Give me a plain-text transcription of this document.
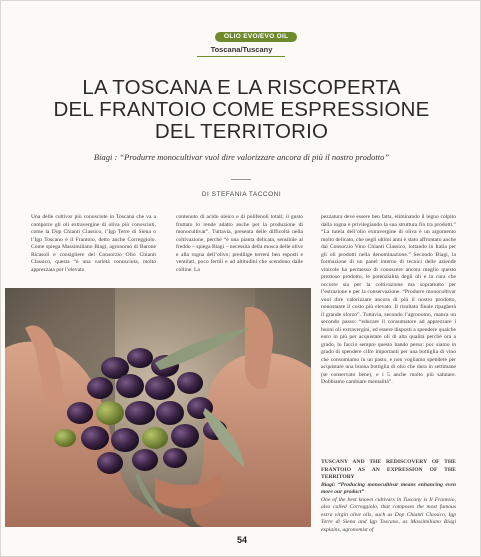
OLIO EVO/EVO OIL
Toscana/Tuscany
LA TOSCANA E LA RISCOPERTA
DEL FRANTOIO COME ESPRESSIONE
DEL TERRITORIO
Biagi : “Produrre monocultivar vuol dire valorizzare ancora di più il nostro prodotto”
DI STEFANIA TACCONI

Una delle cultivar più conosciute in Toscana che va a comporre gli oli extravergine di oliva più conosciuti, come la Dop Chianti Classico, l’Igp Terre di Siena o l’Igp Toscano è il Frantoio, detto anche Correggiolo. Come spiega Massimiliano Biagi, agronomo di Barone Ricasoli e consigliere del Consorzio Olio Chianti Classico, questa “è una varietà conosciuta, molto apprezzata per l’elevato

contenuto di acido oleico e di polifenoli totali; il gusto fruttato lo rende adatto anche per la produzione di monocultivar”. Tuttavia, presenta delle difficoltà nella coltivazione, perché “è una pianta delicata, sensibile al freddo – spiega Biagi – necessita della mosca delle olive e alla rogna dell’olivo; predilige terreni ben esposti e ventilati, poco fertili e ad altitudini che scendono dalle colline. La

pezzatura deve essere ben fatta, eliminando il legno colpito dalla rogna e privilegiando la sua struttura fin tra prodotti.” “La tutela dell’olio extravergine di oliva è un argomento molto delicato, che negli ultimi anni è stato affrontato anche dal Consorzio Vino Chianti Classico, lottando in Italia per gli oli prodotti nella denominazione.” Secondo Biagi, la formazione di un panel interno di tecnici delle aziende vinicole ha permesso di conoscere ancora meglio questo prezioso prodotto, le potenzialità degli oli e la cura che occorre sia per la coltivazione ma soprattutto per l’estrazione e per la conservazione. “Produrre monocultivar vuol dire valorizzare ancora di più il nostro prodotto, nonostante il costo più elevato. Il risultato finale ripagherà il grande sforzo”. Tuttavia, secondo l’agronomo, manca un secondo passo: “educare il consumatore ad apprezzare i buoni oli extravergini, ed essere disposti a spendere qualche euro in più per acquistare oli di alta qualità perché ora a grado, lo faccio sempre questo bando perso: poc siamo in grado di spendere cifre importanti per una bottiglia di vino che consumiamo in un pasto, e non vogliamo spendere per acquistare una buona bottiglia di olio che dura in settimane (se conservato bene), e i 5 anche molto più salutare. Dobbiamo cambiare mentalità”.

TUSCANY AND THE REDISCOVERY OF THE FRANTOIO AS AN EXPRESSION OF THE TERRITORY
Biagi: “Producing monocultivar means enhancing even more our product”
One of the best known cultivars in Tuscany is Il Frantoio, also called Correggiolo, that composes the most famous extra virgin olive oils, such as Dop Chianti Classico, Igp Terre di Siena and Igp Toscano, as Massimiliano Biagi explains, agronomist of
54
